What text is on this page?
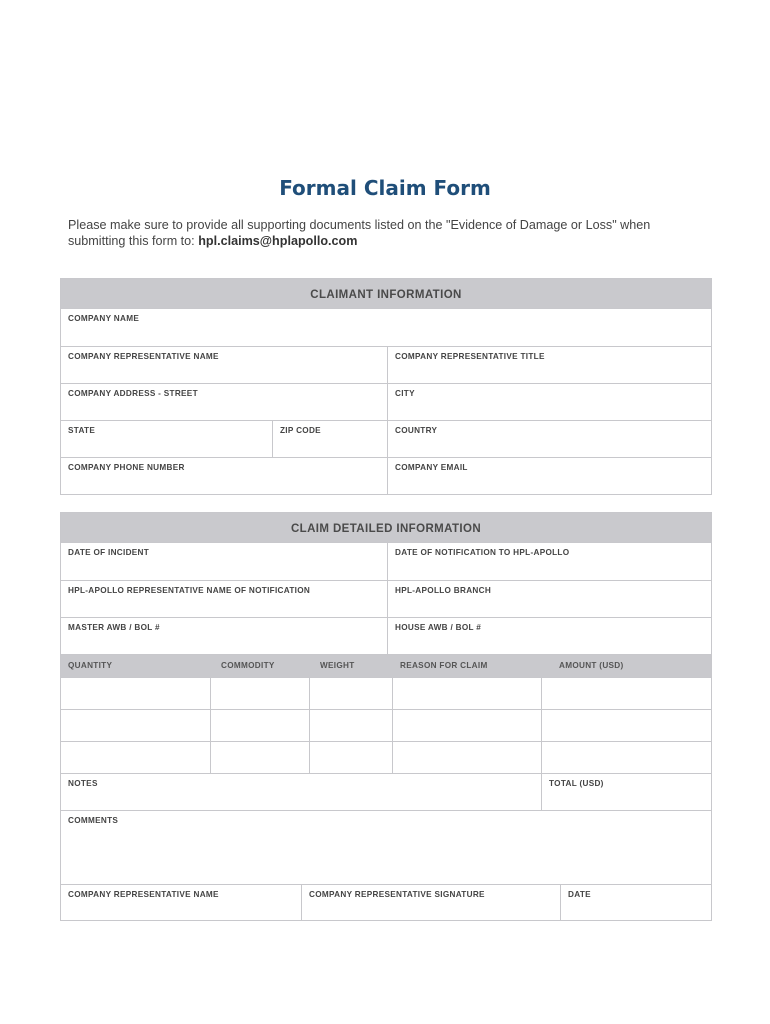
Formal Claim Form
Please make sure to provide all supporting documents listed on the "Evidence of Damage or Loss" when submitting this form to: hpl.claims@hplapollo.com
CLAIMANT INFORMATION
COMPANY NAME
COMPANY REPRESENTATIVE NAME	COMPANY REPRESENTATIVE TITLE
COMPANY ADDRESS - STREET	CITY
STATE	ZIP CODE	COUNTRY
COMPANY PHONE NUMBER	COMPANY EMAIL
CLAIM DETAILED INFORMATION
DATE OF INCIDENT	DATE OF NOTIFICATION TO HPL-APOLLO
HPL-APOLLO REPRESENTATIVE NAME OF NOTIFICATION	HPL-APOLLO BRANCH
MASTER AWB / BOL #	HOUSE AWB / BOL #
QUANTITY	COMMODITY	WEIGHT	REASON FOR CLAIM	AMOUNT (USD)
NOTES	TOTAL (USD)
COMMENTS
COMPANY REPRESENTATIVE NAME	COMPANY REPRESENTATIVE SIGNATURE	DATE
